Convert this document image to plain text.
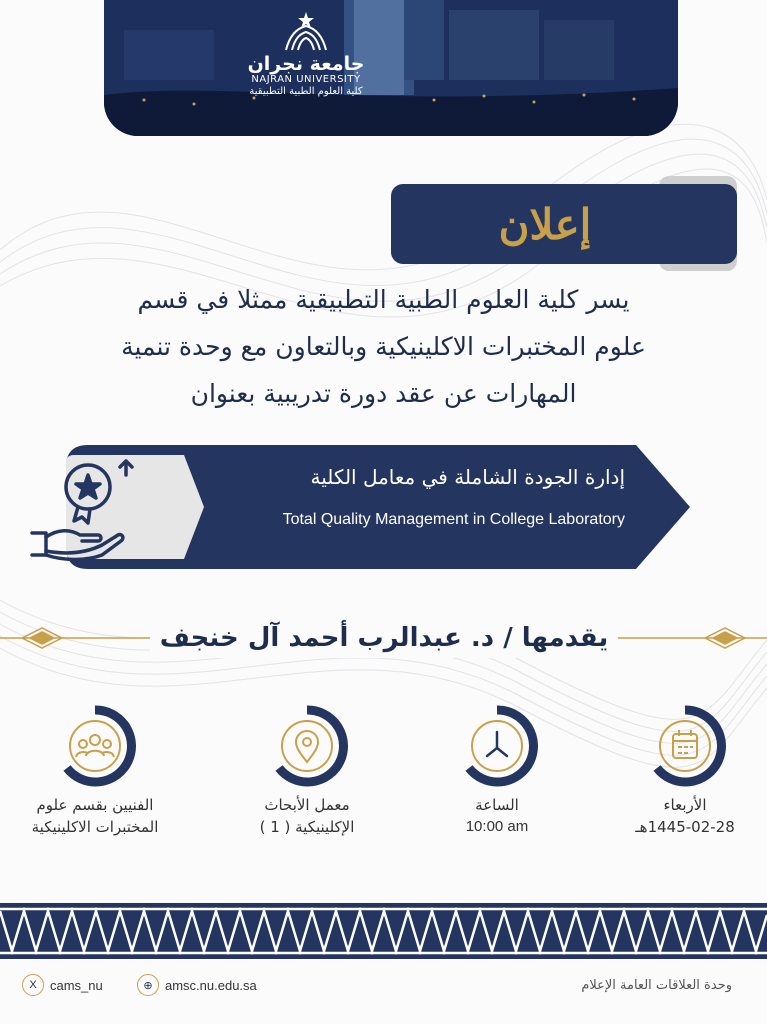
جامعة نجران
NAJRAN UNIVERSITY
كلية العلوم الطبية التطبيقية
إعلان
يسر كلية العلوم الطبية التطبيقية ممثلا في قسم
علوم المختبرات الاكلينيكية وبالتعاون مع وحدة تنمية
المهارات عن عقد دورة تدريبية بعنوان
إدارة الجودة الشاملة في معامل الكلية
Total Quality Management in College Laboratory
يقدمها / د. عبدالرب أحمد آل خنجف
الفنيين بقسم علوم
المختبرات الاكلينيكية
معمل الأبحاث
الإكلينيكية ( 1 )
الساعة
10:00 am
الأربعاء
1445-02-28هـ
X	cams_nu	⊕ amsc.nu.edu.sa	وحدة العلاقات العامة الإعلام
